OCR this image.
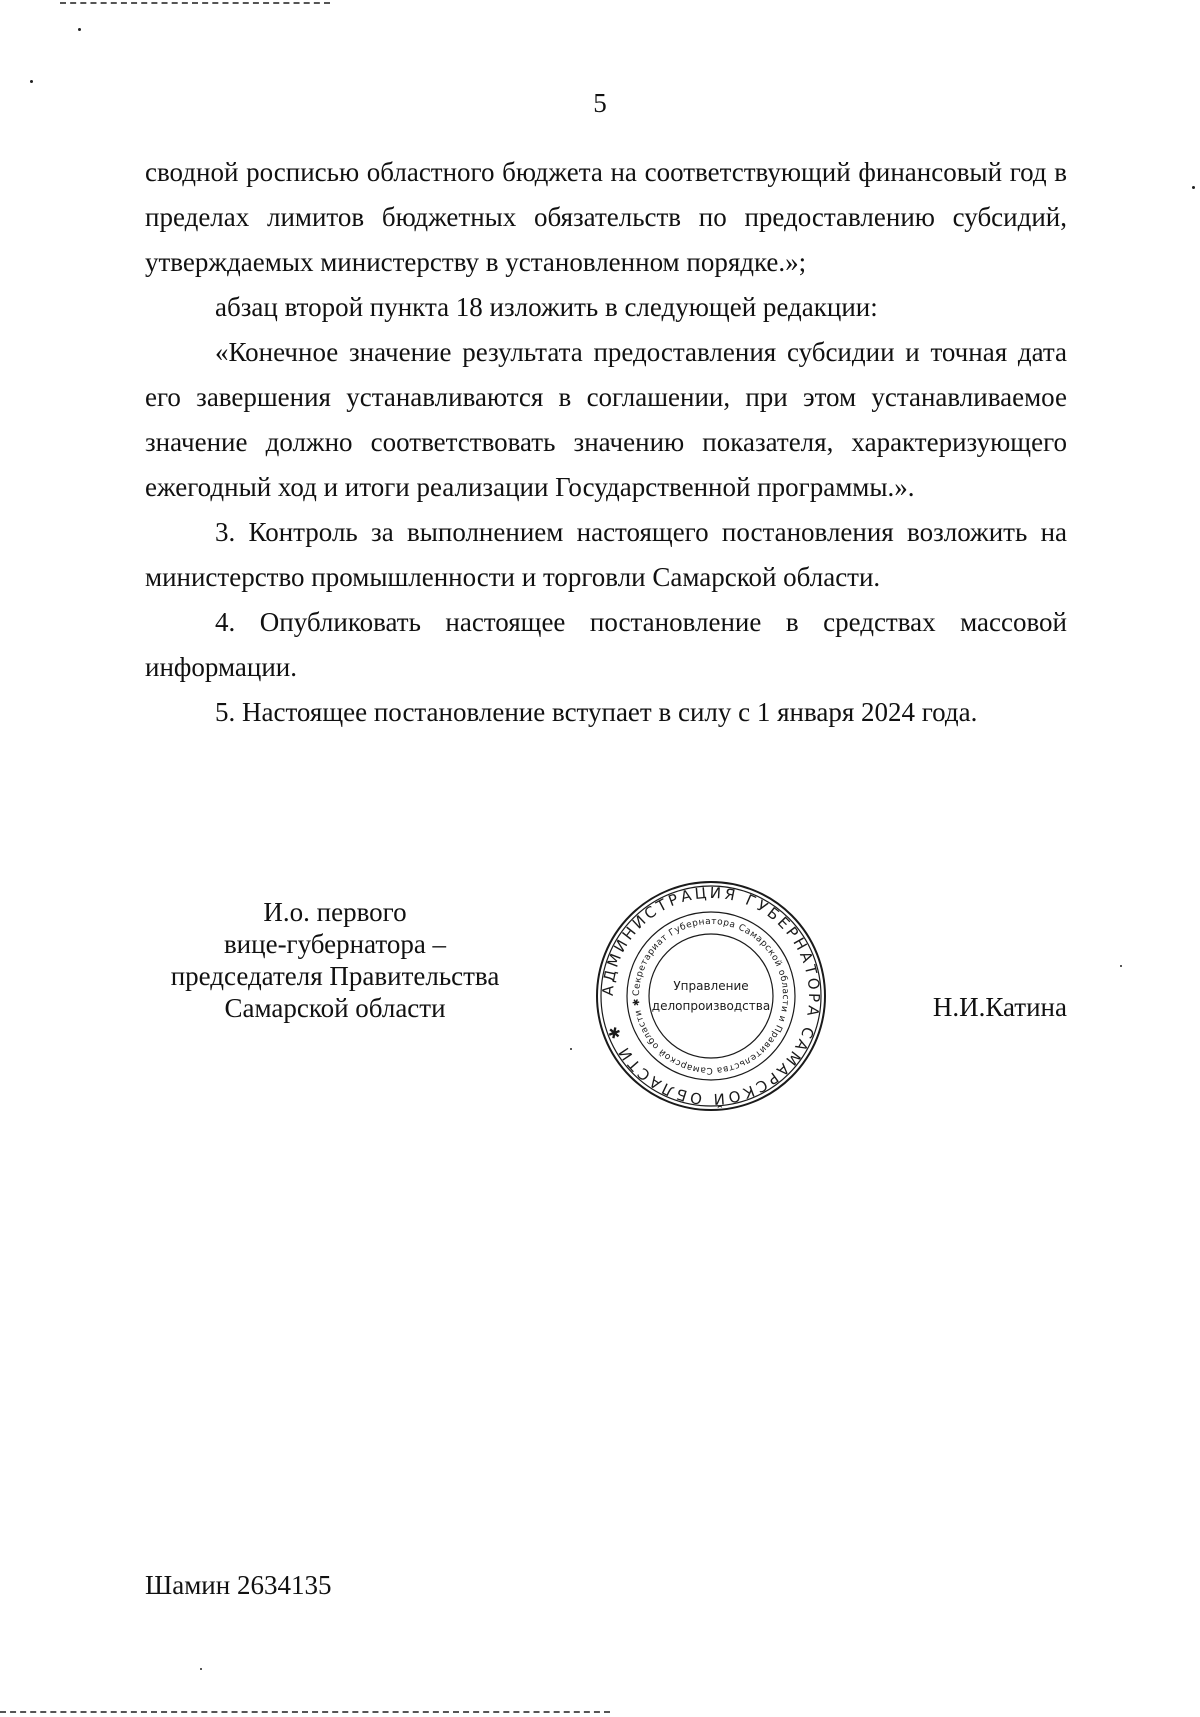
5

сводной росписью областного бюджета на соответствующий финансовый год в пределах лимитов бюджетных обязательств по предоставлению субсидий, утверждаемых министерству в установленном порядке.»;

абзац второй пункта 18 изложить в следующей редакции:

«Конечное значение результата предоставления субсидии и точная дата его завершения устанавливаются в соглашении, при этом устанавливаемое значение должно соответствовать значению показателя, характеризующего ежегодный ход и итоги реализации Государственной программы.».

3. Контроль за выполнением настоящего постановления возложить на министерство промышленности и торговли Самарской области.

4. Опубликовать настоящее постановление в средствах массовой информации.

5. Настоящее постановление вступает в силу с 1 января 2024 года.

И.о. первого
вице-губернатора –
председателя Правительства
Самарской области
АДМИНИСТРАЦИЯ ГУБЕРНАТОРА САМАРСКОЙ ОБЛАСТИ ✱
Секретариат Губернатора Самарской области и Правительства Самарской области ✱
Управление
делопроизводства	Н.И.Катина
Шамин 2634135
